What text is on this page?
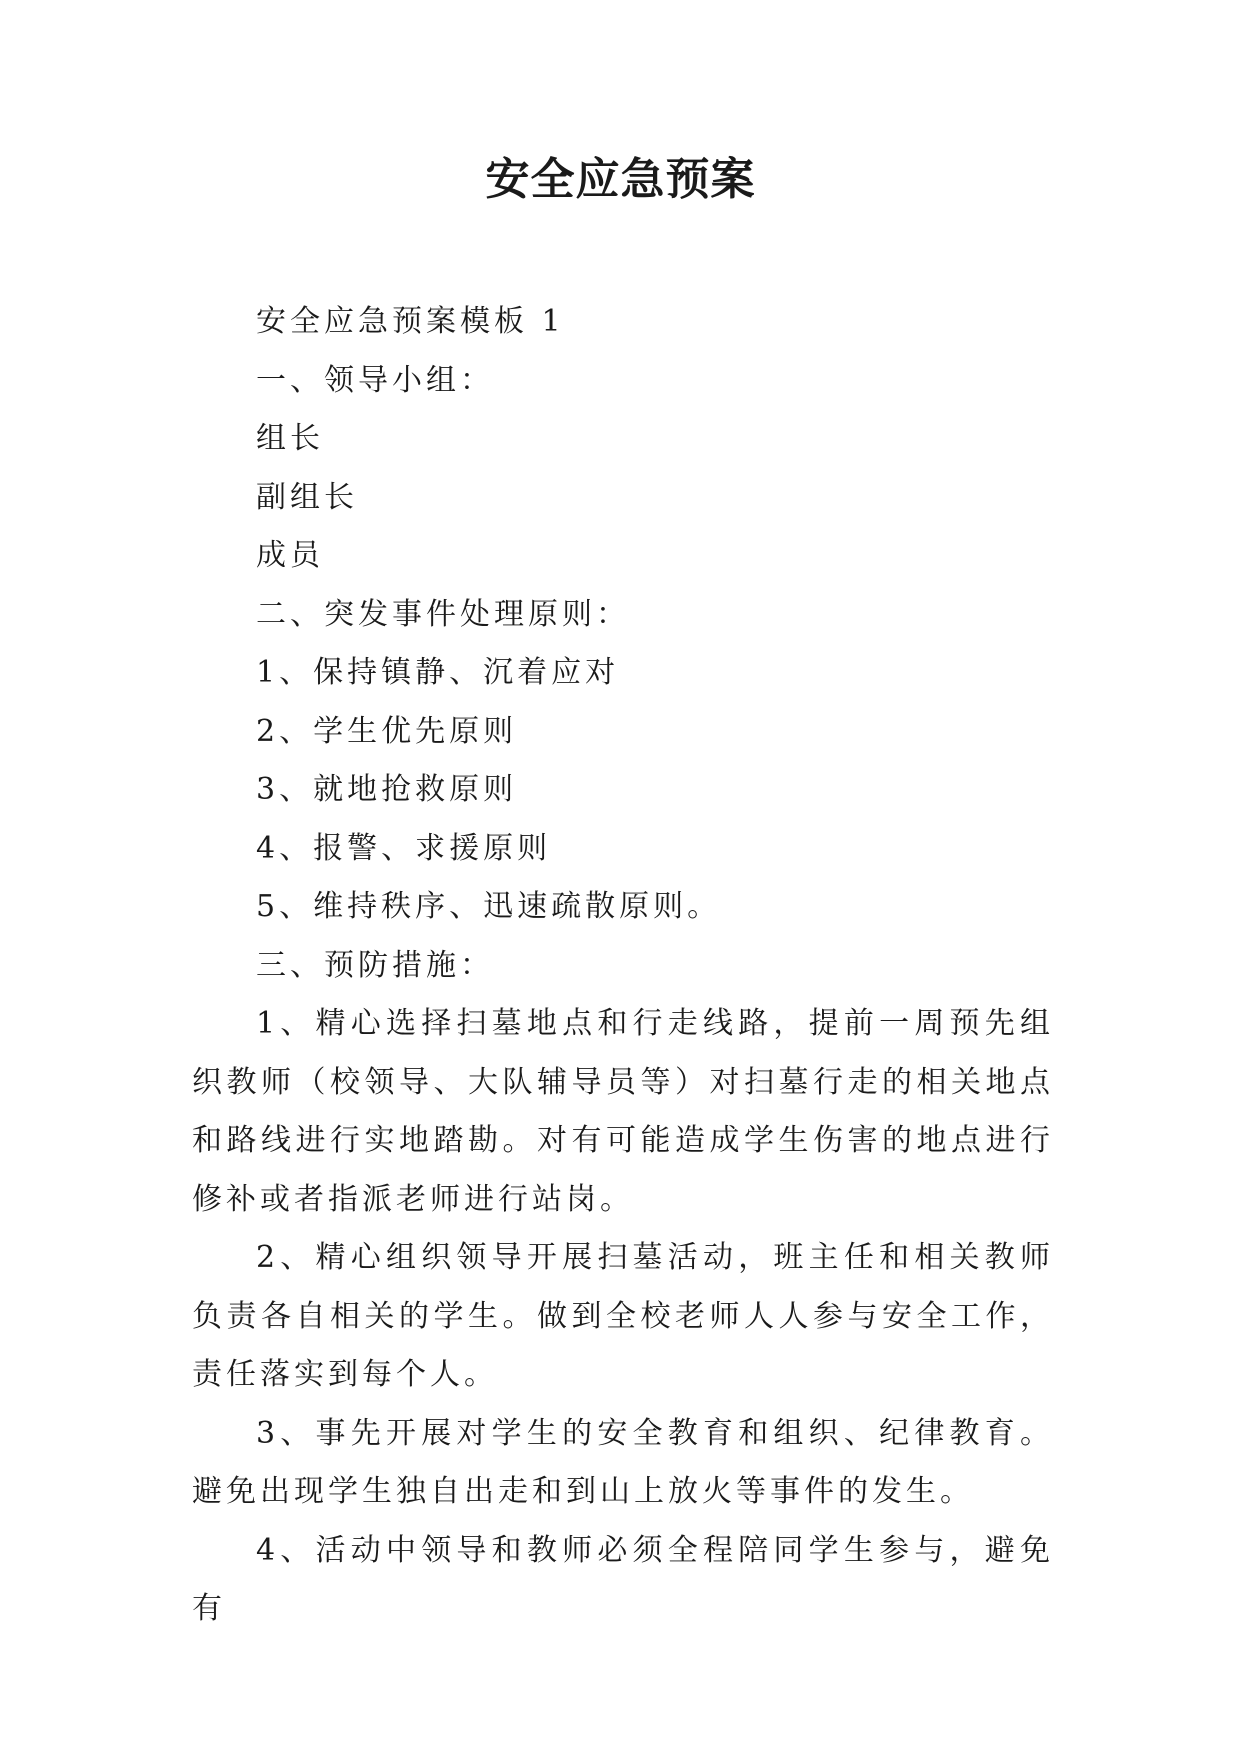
安全应急预案

安全应急预案模板 1

一、领导小组：

组长

副组长

成员

二、突发事件处理原则：

1、保持镇静、沉着应对

2、学生优先原则

3、就地抢救原则

4、报警、求援原则

5、维持秩序、迅速疏散原则。

三、预防措施：

1、精心选择扫墓地点和行走线路，提前一周预先组织教师（校领导、大队辅导员等）对扫墓行走的相关地点和路线进行实地踏勘。对有可能造成学生伤害的地点进行修补或者指派老师进行站岗。

2、精心组织领导开展扫墓活动，班主任和相关教师负责各自相关的学生。做到全校老师人人参与安全工作，责任落实到每个人。

3、事先开展对学生的安全教育和组织、纪律教育。避免出现学生独自出走和到山上放火等事件的发生。

4、活动中领导和教师必须全程陪同学生参与，避免有
